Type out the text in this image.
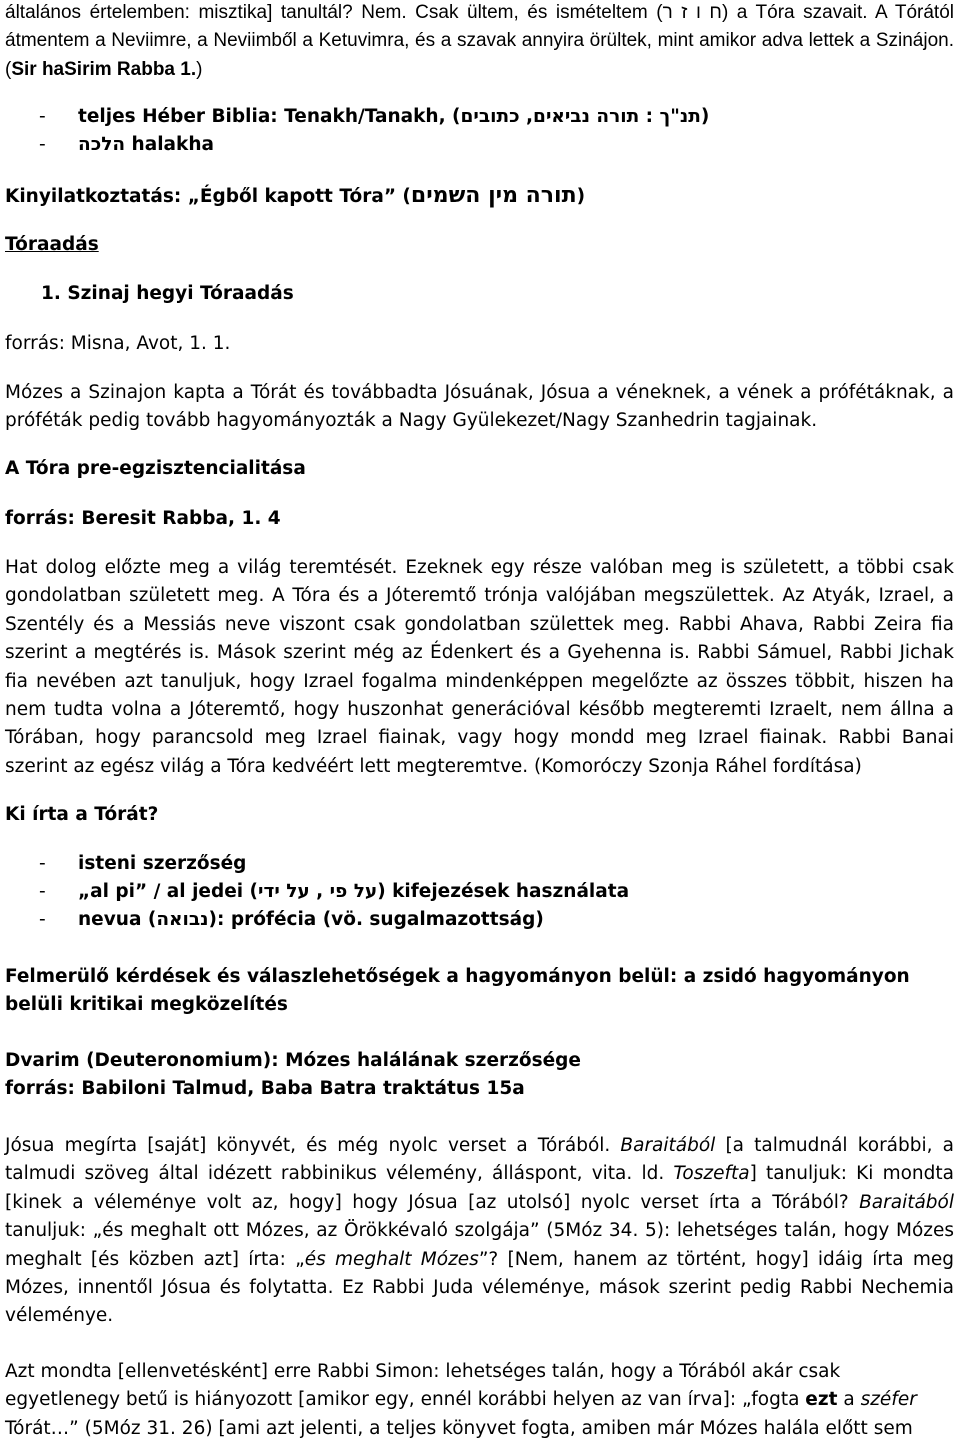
általános értelemben: misztika] tanultál? Nem. Csak ültem, és ismételtem (ח ו ז ר) a Tóra szavait. A Tórától átmentem a Neviimre, a Neviimből a Ketuvimra, és a szavak annyira örültek, mint amikor adva lettek a Szinájon. (Sir haSirim Rabba 1.)

- teljes Héber Biblia: Tenakh/Tanakh, (תנ"ך : תורה נביאים, כתובים)
- הלכה halakha

Kinyilatkoztatás: „Égből kapott Tóra” (תורה מין השמים)

Tóraadás

1. Szinaj hegyi Tóraadás

forrás: Misna, Avot, 1. 1.

Mózes a Szinajon kapta a Tórát és továbbadta Jósuának, Jósua a véneknek, a vének a prófétáknak, a próféták pedig tovább hagyományozták a Nagy Gyülekezet/Nagy Szanhedrin tagjainak.

A Tóra pre-egzisztencialitása

forrás: Beresit Rabba, 1. 4

Hat dolog előzte meg a világ teremtését. Ezeknek egy része valóban meg is született, a többi csak gondolatban született meg. A Tóra és a Jóteremtő trónja valójában megszülettek. Az Atyák, Izrael, a Szentély és a Messiás neve viszont csak gondolatban születtek meg. Rabbi Ahava, Rabbi Zeira fia szerint a megtérés is. Mások szerint még az Édenkert és a Gyehenna is. Rabbi Sámuel, Rabbi Jichak fia nevében azt tanuljuk, hogy Izrael fogalma mindenképpen megelőzte az összes többit, hiszen ha nem tudta volna a Jóteremtő, hogy huszonhat generációval később megteremti Izraelt, nem állna a Tórában, hogy parancsold meg Izrael fiainak, vagy hogy mondd meg Izrael fiainak. Rabbi Banai szerint az egész világ a Tóra kedvéért lett megteremtve. (Komoróczy Szonja Ráhel fordítása)

Ki írta a Tórát?

- isteni szerzőség
- „al pi” / al jedei (על פי , על ידי) kifejezések használata
- nevua (נבואה): prófécia (vö. sugalmazottság)

Felmerülő kérdések és válaszlehetőségek a hagyományon belül: a zsidó hagyományon belüli kritikai megközelítés

Dvarim (Deuteronomium): Mózes halálának szerzősége

forrás: Babiloni Talmud, Baba Batra traktátus 15a

Jósua megírta [saját] könyvét, és még nyolc verset a Tórából. Baraitából [a talmudnál korábbi, a talmudi szöveg által idézett rabbinikus vélemény, álláspont, vita. ld. Toszefta] tanuljuk: Ki mondta [kinek a véleménye volt az, hogy] hogy Jósua [az utolsó] nyolc verset írta a Tórából? Baraitából tanuljuk: „és meghalt ott Mózes, az Örökkévaló szolgája” (5Móz 34. 5): lehetséges talán, hogy Mózes meghalt [és közben azt] írta: „és meghalt Mózes”? [Nem, hanem az történt, hogy] idáig írta meg Mózes, innentől Jósua és folytatta. Ez Rabbi Juda véleménye, mások szerint pedig Rabbi Nechemia véleménye.

Azt mondta [ellenvetésként] erre Rabbi Simon: lehetséges talán, hogy a Tórából akár csak egyetlenegy betű is hiányozott [amikor egy, ennél korábbi helyen az van írva]: „fogta ezt a széfer Tórát…” (5Móz 31. 26) [ami azt jelenti, a teljes könyvet fogta, amiben már Mózes halála előtt sem
